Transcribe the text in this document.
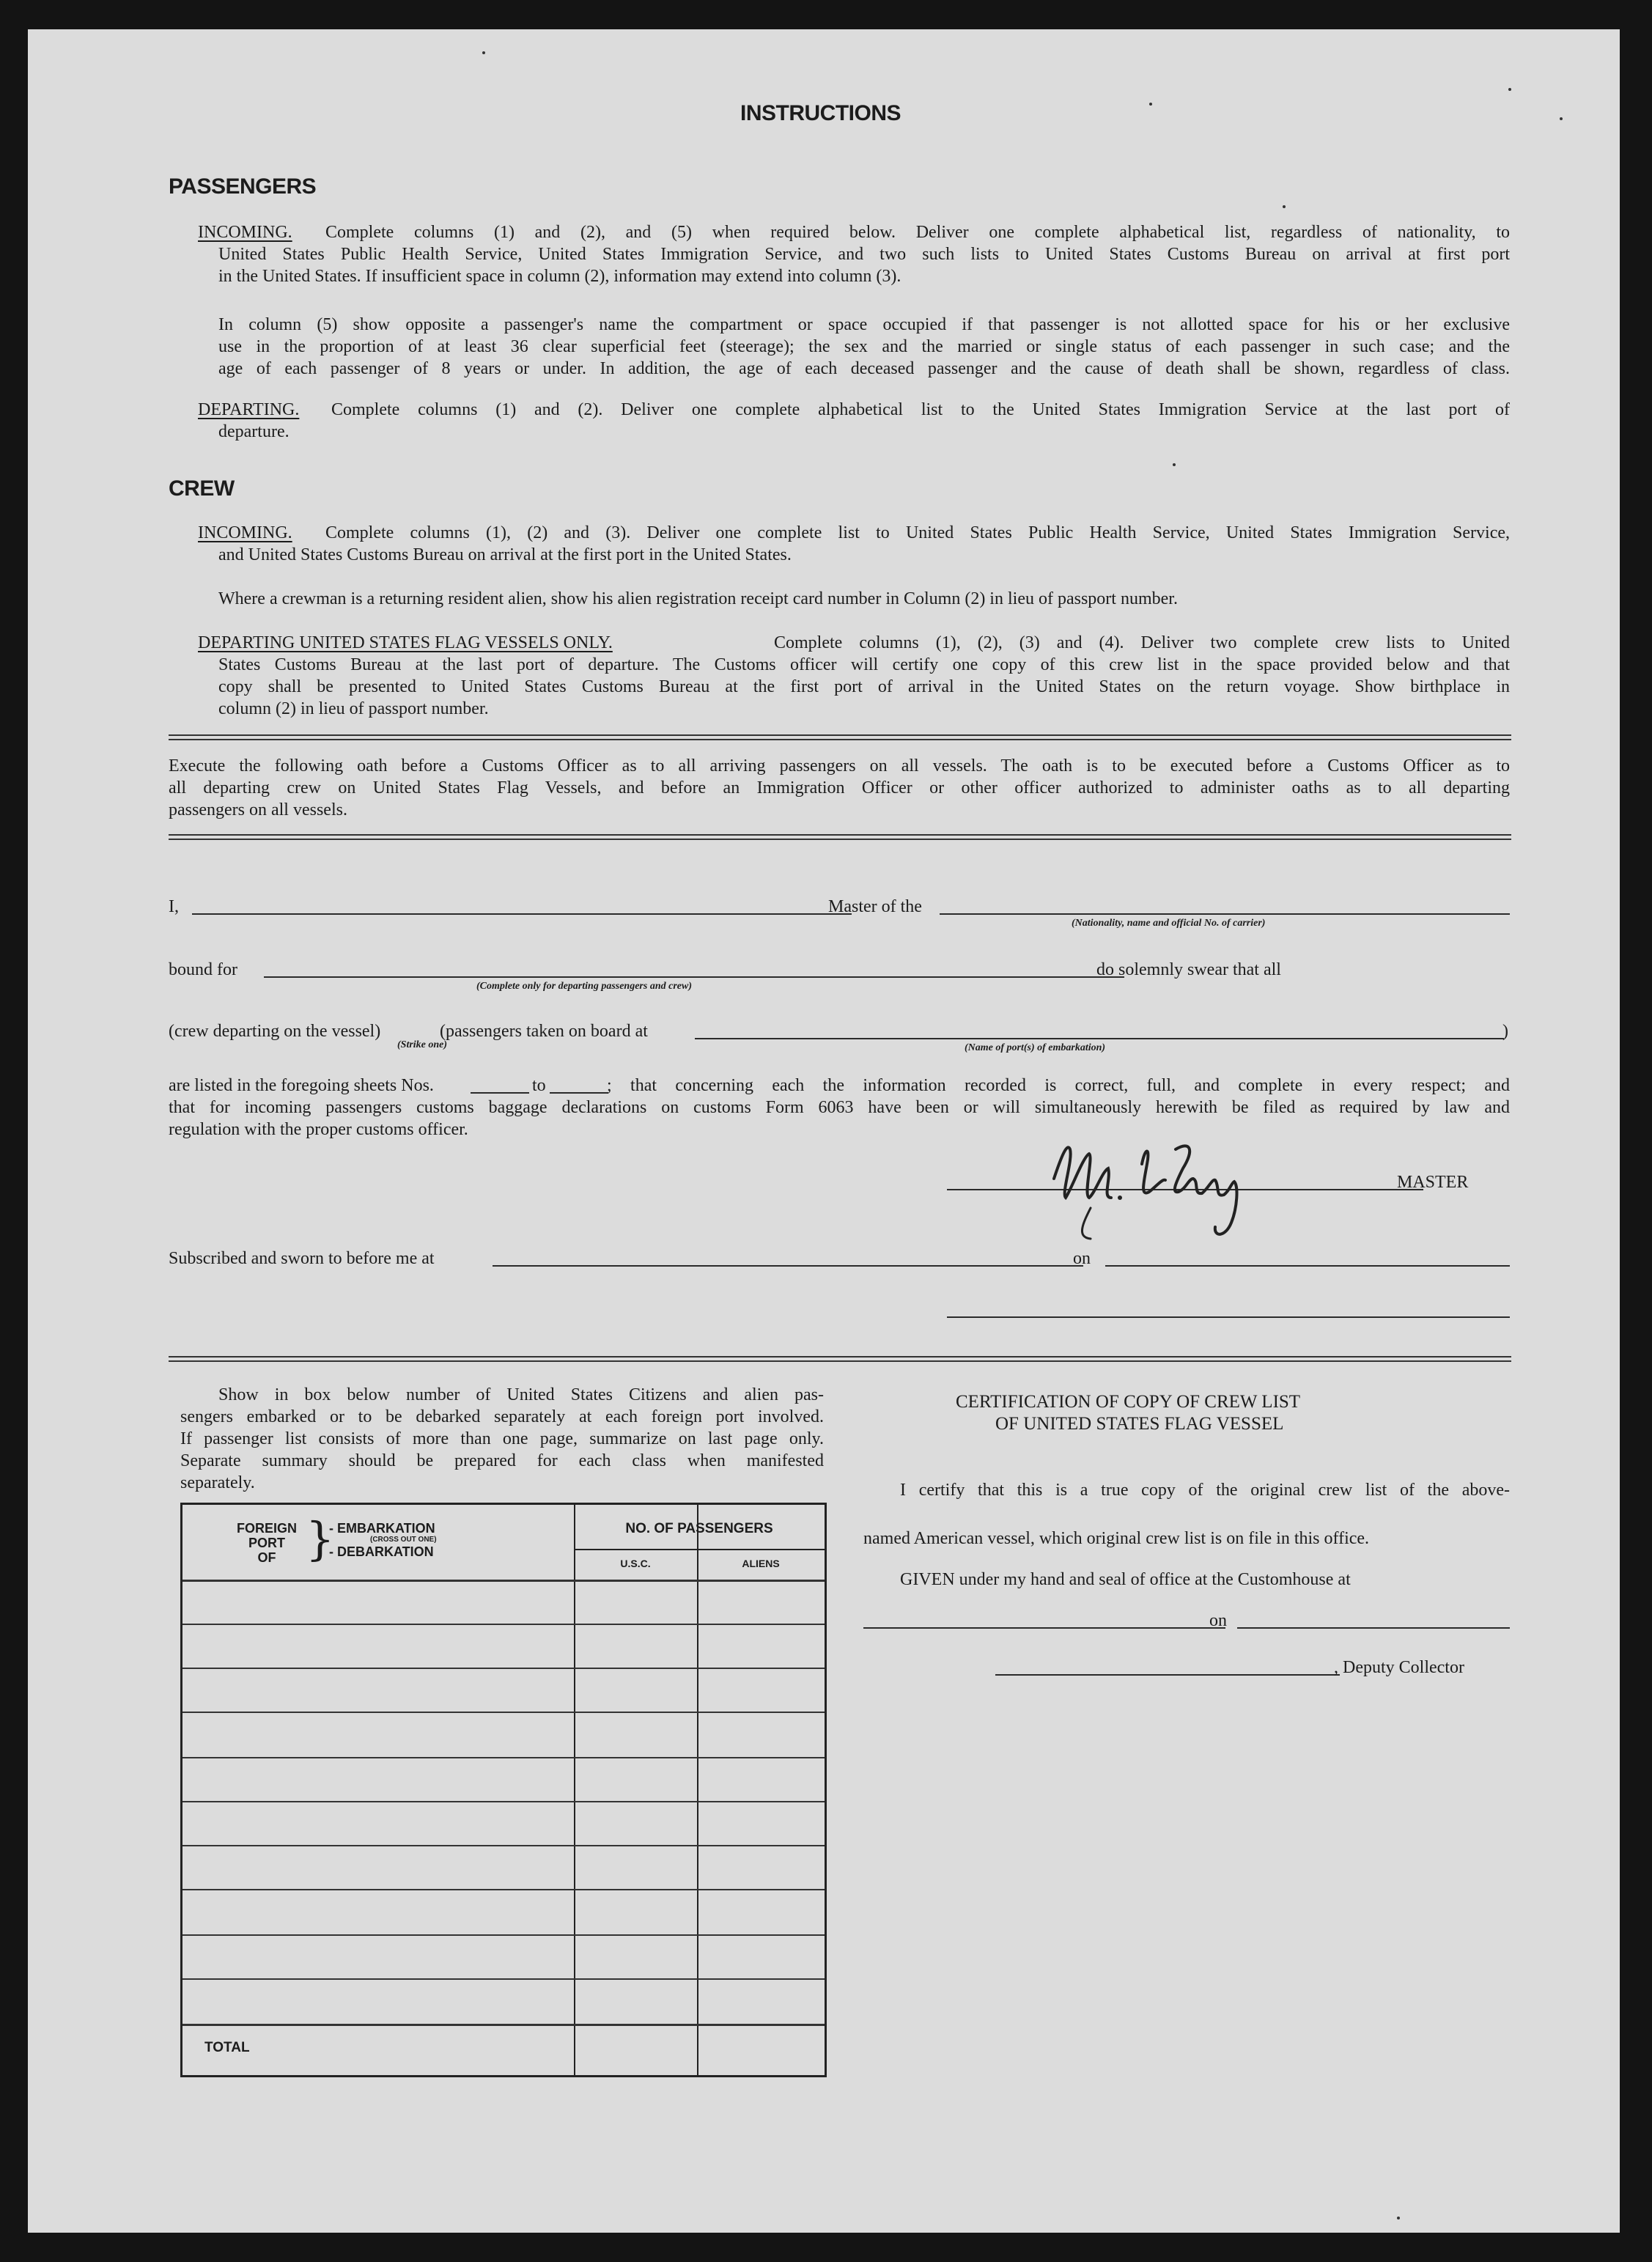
INSTRUCTIONS
PASSENGERS
INCOMING. Complete columns (1) and (2), and (5) when required below. Deliver one complete alphabetical list, regardless of nationality, to
United States Public Health Service, United States Immigration Service, and two such lists to United States Customs Bureau on arrival at first port
in the United States. If insufficient space in column (2), information may extend into column (3).
In column (5) show opposite a passenger's name the compartment or space occupied if that passenger is not allotted space for his or her exclusive
use in the proportion of at least 36 clear superficial feet (steerage); the sex and the married or single status of each passenger in such case; and the
age of each passenger of 8 years or under. In addition, the age of each deceased passenger and the cause of death shall be shown, regardless of class.
DEPARTING. Complete columns (1) and (2). Deliver one complete alphabetical list to the United States Immigration Service at the last port of
departure.
CREW
INCOMING. Complete columns (1), (2) and (3). Deliver one complete list to United States Public Health Service, United States Immigration Service,
and United States Customs Bureau on arrival at the first port in the United States.
Where a crewman is a returning resident alien, show his alien registration receipt card number in Column (2) in lieu of passport number.
DEPARTING UNITED STATES FLAG VESSELS ONLY.	Complete columns (1), (2), (3) and (4). Deliver two complete crew lists to United
States Customs Bureau at the last port of departure. The Customs officer will certify one copy of this crew list in the space provided below and that
copy shall be presented to United States Customs Bureau at the first port of arrival in the United States on the return voyage. Show birthplace in
column (2) in lieu of passport number.
Execute the following oath before a Customs Officer as to all arriving passengers on all vessels. The oath is to be executed before a Customs Officer as to
all departing crew on United States Flag Vessels, and before an Immigration Officer or other officer authorized to administer oaths as to all departing
passengers on all vessels.
I,	Master of the
(Nationality, name and official No. of carrier)
bound for
(Complete only for departing passengers and crew)
do solemnly swear that all
(crew departing on the vessel)	(passengers taken on board at
(Strike one)
)
(Name of port(s) of embarkation)
are listed in the foregoing sheets Nos.	to	; that concerning each the information recorded is correct, full, and complete in every respect; and
that for incoming passengers customs baggage declarations on customs Form 6063 have been or will simultaneously herewith be filed as required by law and
regulation with the proper customs officer.
MASTER
Subscribed and sworn to before me at	on
Show in box below number of United States Citizens and alien pas-
sengers embarked or to be debarked separately at each foreign port involved.
If passenger list consists of more than one page, summarize on last page only.
Separate summary should be prepared for each class when manifested
separately.
FOREIGN
PORT
OF }
- EMBARKATION
(CROSS OUT ONE)
- DEBARKATION
NO. OF PASSENGERS
U.S.C.	ALIENS
TOTAL
CERTIFICATION OF COPY OF CREW LIST
OF UNITED STATES FLAG VESSEL
I certify that this is a true copy of the original crew list of the above-
named American vessel, which original crew list is on file in this office.
GIVEN under my hand and seal of office at the Customhouse at
on
, Deputy Collector
